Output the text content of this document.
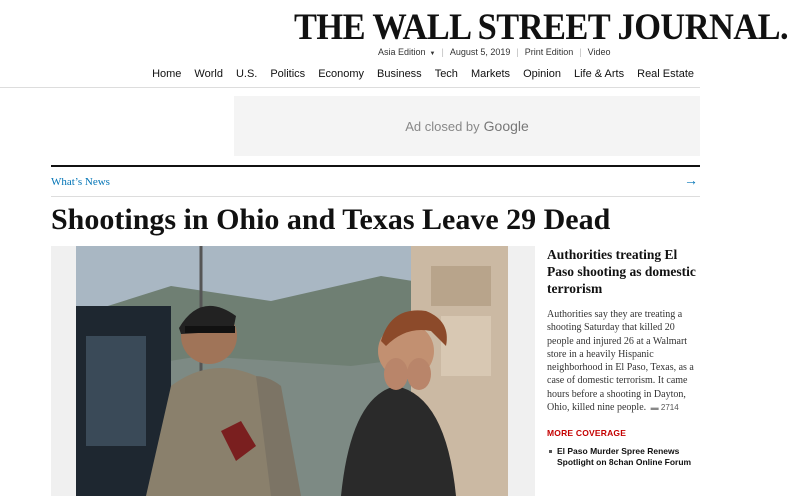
THE WALL STREET JOURNAL.
Asia Edition ▼ | August 5, 2019 | Print Edition | Video
Home World U.S. Politics Economy Business Tech Markets Opinion Life & Arts Real Estate
Ad closed by Google
What’s News	→
Shootings in Ohio and Texas Leave 29 Dead
Authorities treating El Paso shooting as domestic terrorism
Authorities say they are treating a shooting Saturday that killed 20 people and injured 26 at a Walmart store in a heavily Hispanic neighborhood in El Paso, Texas, as a case of domestic terrorism. It came hours before a shooting in Dayton, Ohio, killed nine people. ▬ 2714
MORE COVERAGE
El Paso Murder Spree Renews Spotlight on 8chan Online Forum
